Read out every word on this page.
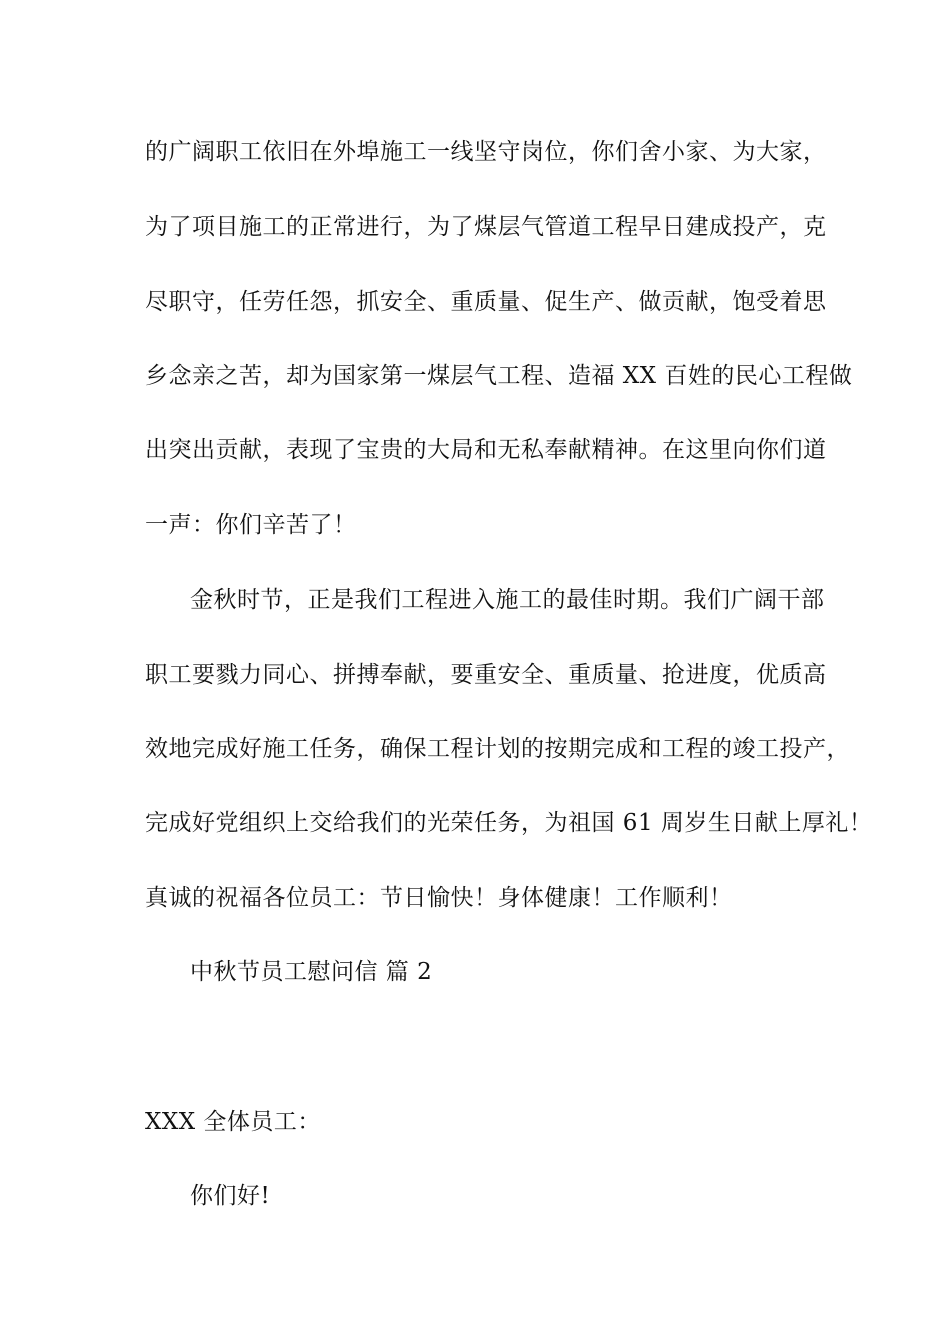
的广阔职工依旧在外埠施工一线坚守岗位，你们舍小家、为大家，
为了项目施工的正常进行，为了煤层气管道工程早日建成投产，克
尽职守，任劳任怨，抓安全、重质量、促生产、做贡献，饱受着思
乡念亲之苦，却为国家第一煤层气工程、造福 XX 百姓的民心工程做
出突出贡献，表现了宝贵的大局和无私奉献精神。在这里向你们道
一声：你们辛苦了！
金秋时节，正是我们工程进入施工的最佳时期。我们广阔干部
职工要戮力同心、拼搏奉献，要重安全、重质量、抢进度，优质高
效地完成好施工任务，确保工程计划的按期完成和工程的竣工投产，
完成好党组织上交给我们的光荣任务，为祖国 61 周岁生日献上厚礼！
真诚的祝福各位员工：节日愉快！身体健康！工作顺利！
中秋节员工慰问信 篇 2
XXX 全体员工：
你们好!
